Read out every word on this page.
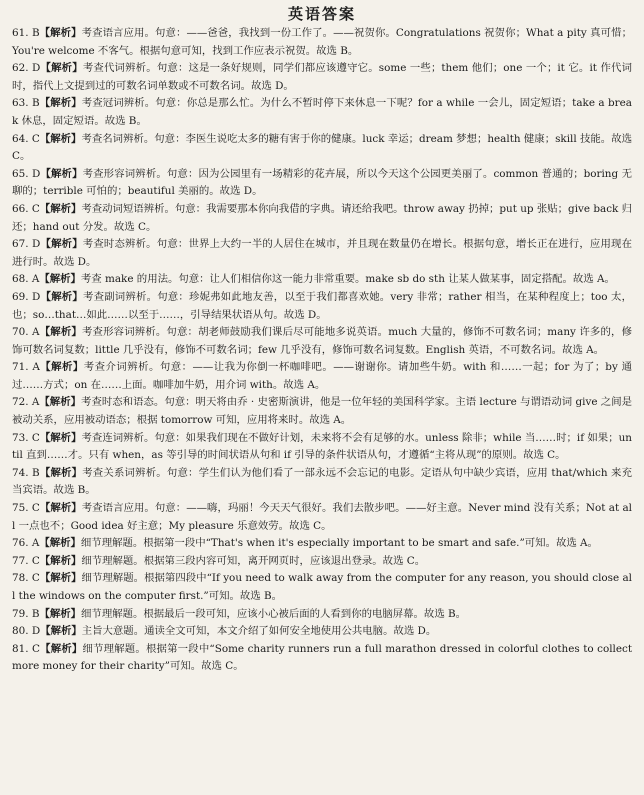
英语答案

61. B【解析】考查语言应用。句意：——爸爸，我找到一份工作了。——祝贺你。Congratulations 祝贺你；What a pity 真可惜；You're welcome 不客气。根据句意可知，找到工作应表示祝贺。故选 B。

62. D【解析】考查代词辨析。句意：这是一条好规则，同学们都应该遵守它。some 一些；them 他们；one 一个；it 它。it 作代词时，指代上文提到过的可数名词单数或不可数名词。故选 D。

63. B【解析】考查冠词辨析。句意：你总是那么忙。为什么不暂时停下来休息一下呢？for a while 一会儿，固定短语；take a break 休息，固定短语。故选 B。

64. C【解析】考查名词辨析。句意：李医生说吃太多的糖有害于你的健康。luck 幸运；dream 梦想；health 健康；skill 技能。故选 C。

65. D【解析】考查形容词辨析。句意：因为公园里有一场精彩的花卉展，所以今天这个公园更美丽了。common 普通的；boring 无聊的；terrible 可怕的；beautiful 美丽的。故选 D。

66. C【解析】考查动词短语辨析。句意：我需要那本你向我借的字典。请还给我吧。throw away 扔掉；put up 张贴；give back 归还；hand out 分发。故选 C。

67. D【解析】考查时态辨析。句意：世界上大约一半的人居住在城市，并且现在数量仍在增长。根据句意，增长正在进行，应用现在进行时。故选 D。

68. A【解析】考查 make 的用法。句意：让人们相信你这一能力非常重要。make sb do sth 让某人做某事，固定搭配。故选 A。

69. D【解析】考查副词辨析。句意：珍妮弗如此地友善，以至于我们都喜欢她。very 非常；rather 相当，在某种程度上；too 太，也；so…that…如此……以至于……，引导结果状语从句。故选 D。

70. A【解析】考查形容词辨析。句意：胡老师鼓励我们课后尽可能地多说英语。much 大量的，修饰不可数名词；many 许多的，修饰可数名词复数；little 几乎没有，修饰不可数名词；few 几乎没有，修饰可数名词复数。English 英语，不可数名词。故选 A。

71. A【解析】考查介词辨析。句意：——让我为你倒一杯咖啡吧。——谢谢你。请加些牛奶。with 和……一起；for 为了；by 通过……方式；on 在……上面。咖啡加牛奶，用介词 with。故选 A。

72. A【解析】考查时态和语态。句意：明天将由乔 · 史密斯演讲，他是一位年轻的美国科学家。主语 lecture 与谓语动词 give 之间是被动关系，应用被动语态；根据 tomorrow 可知，应用将来时。故选 A。

73. C【解析】考查连词辨析。句意：如果我们现在不做好计划，未来将不会有足够的水。unless 除非；while 当……时；if 如果；until 直到……才。只有 when，as 等引导的时间状语从句和 if 引导的条件状语从句，才遵循“主将从现”的原则。故选 C。

74. B【解析】考查关系词辨析。句意：学生们认为他们看了一部永远不会忘记的电影。定语从句中缺少宾语，应用 that/which 来充当宾语。故选 B。

75. C【解析】考查语言应用。句意：——嗨，玛丽！今天天气很好。我们去散步吧。——好主意。Never mind 没有关系；Not at all 一点也不；Good idea 好主意；My pleasure 乐意效劳。故选 C。

76. A【解析】细节理解题。根据第一段中“That's when it's especially important to be smart and safe.”可知。故选 A。

77. C【解析】细节理解题。根据第三段内容可知，离开网页时，应该退出登录。故选 C。

78. C【解析】细节理解题。根据第四段中“If you need to walk away from the computer for any reason, you should close all the windows on the computer first.”可知。故选 B。

79. B【解析】细节理解题。根据最后一段可知，应该小心被后面的人看到你的电脑屏幕。故选 B。

80. D【解析】主旨大意题。通读全文可知，本文介绍了如何安全地使用公共电脑。故选 D。

81. C【解析】细节理解题。根据第一段中“Some charity runners run a full marathon dressed in colorful clothes to collect more money for their charity”可知。故选 C。
